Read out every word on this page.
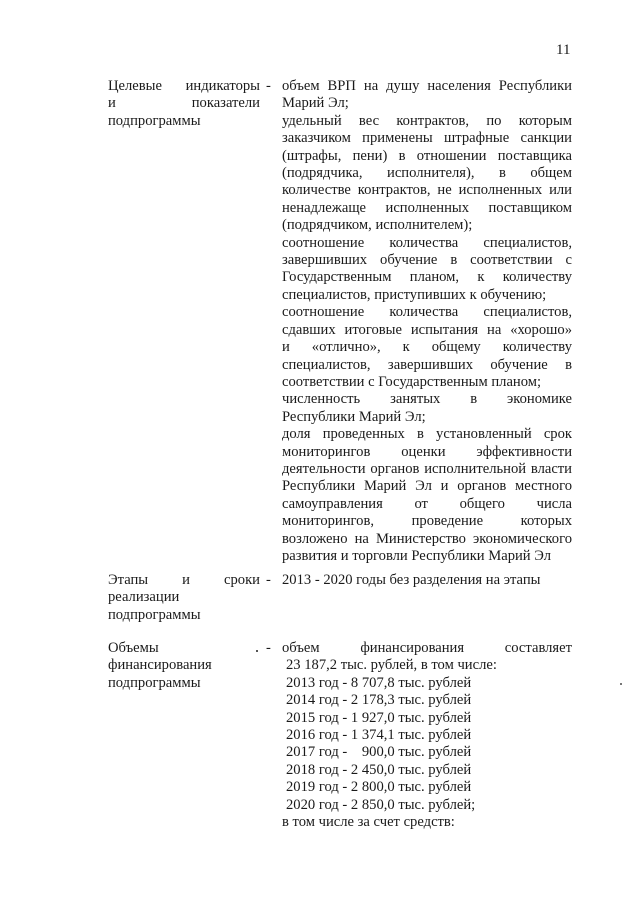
11
Целевые индикаторы
и показатели
подпрограммы
- объем ВРП на душу населения Республики
Марий Эл;
удельный вес контрактов, по которым
заказчиком применены штрафные санкции
(штрафы, пени) в отношении поставщика
(подрядчика, исполнителя), в общем
количестве контрактов, не исполненных или
ненадлежаще исполненных поставщиком
(подрядчиком, исполнителем);
соотношение количества специалистов,
завершивших обучение в соответствии с
Государственным планом, к количеству
специалистов, приступивших к обучению;
соотношение количества специалистов,
сдавших итоговые испытания на «хорошо»
и «отлично», к общему количеству
специалистов, завершивших обучение в
соответствии с Государственным планом;
численность занятых в экономике
Республики Марий Эл;
доля проведенных в установленный срок
мониторингов оценки эффективности
деятельности органов исполнительной власти
Республики Марий Эл и органов местного
самоуправления от общего числа
мониторингов, проведение которых
возложено на Министерство экономического
развития и торговли Республики Марий Эл
Этапы и сроки
реализации
подпрограммы
- 2013 - 2020 годы без разделения на этапы
Объемы
финансирования
подпрограммы
- объем финансирования составляет
23 187,2 тыс. рублей, в том числе:
2013 год - 8 707,8 тыс. рублей
2014 год - 2 178,3 тыс. рублей
2015 год - 1 927,0 тыс. рублей
2016 год - 1 374,1 тыс. рублей
2017 год -    900,0 тыс. рублей
2018 год - 2 450,0 тыс. рублей
2019 год - 2 800,0 тыс. рублей
2020 год - 2 850,0 тыс. рублей;
в том числе за счет средств:
